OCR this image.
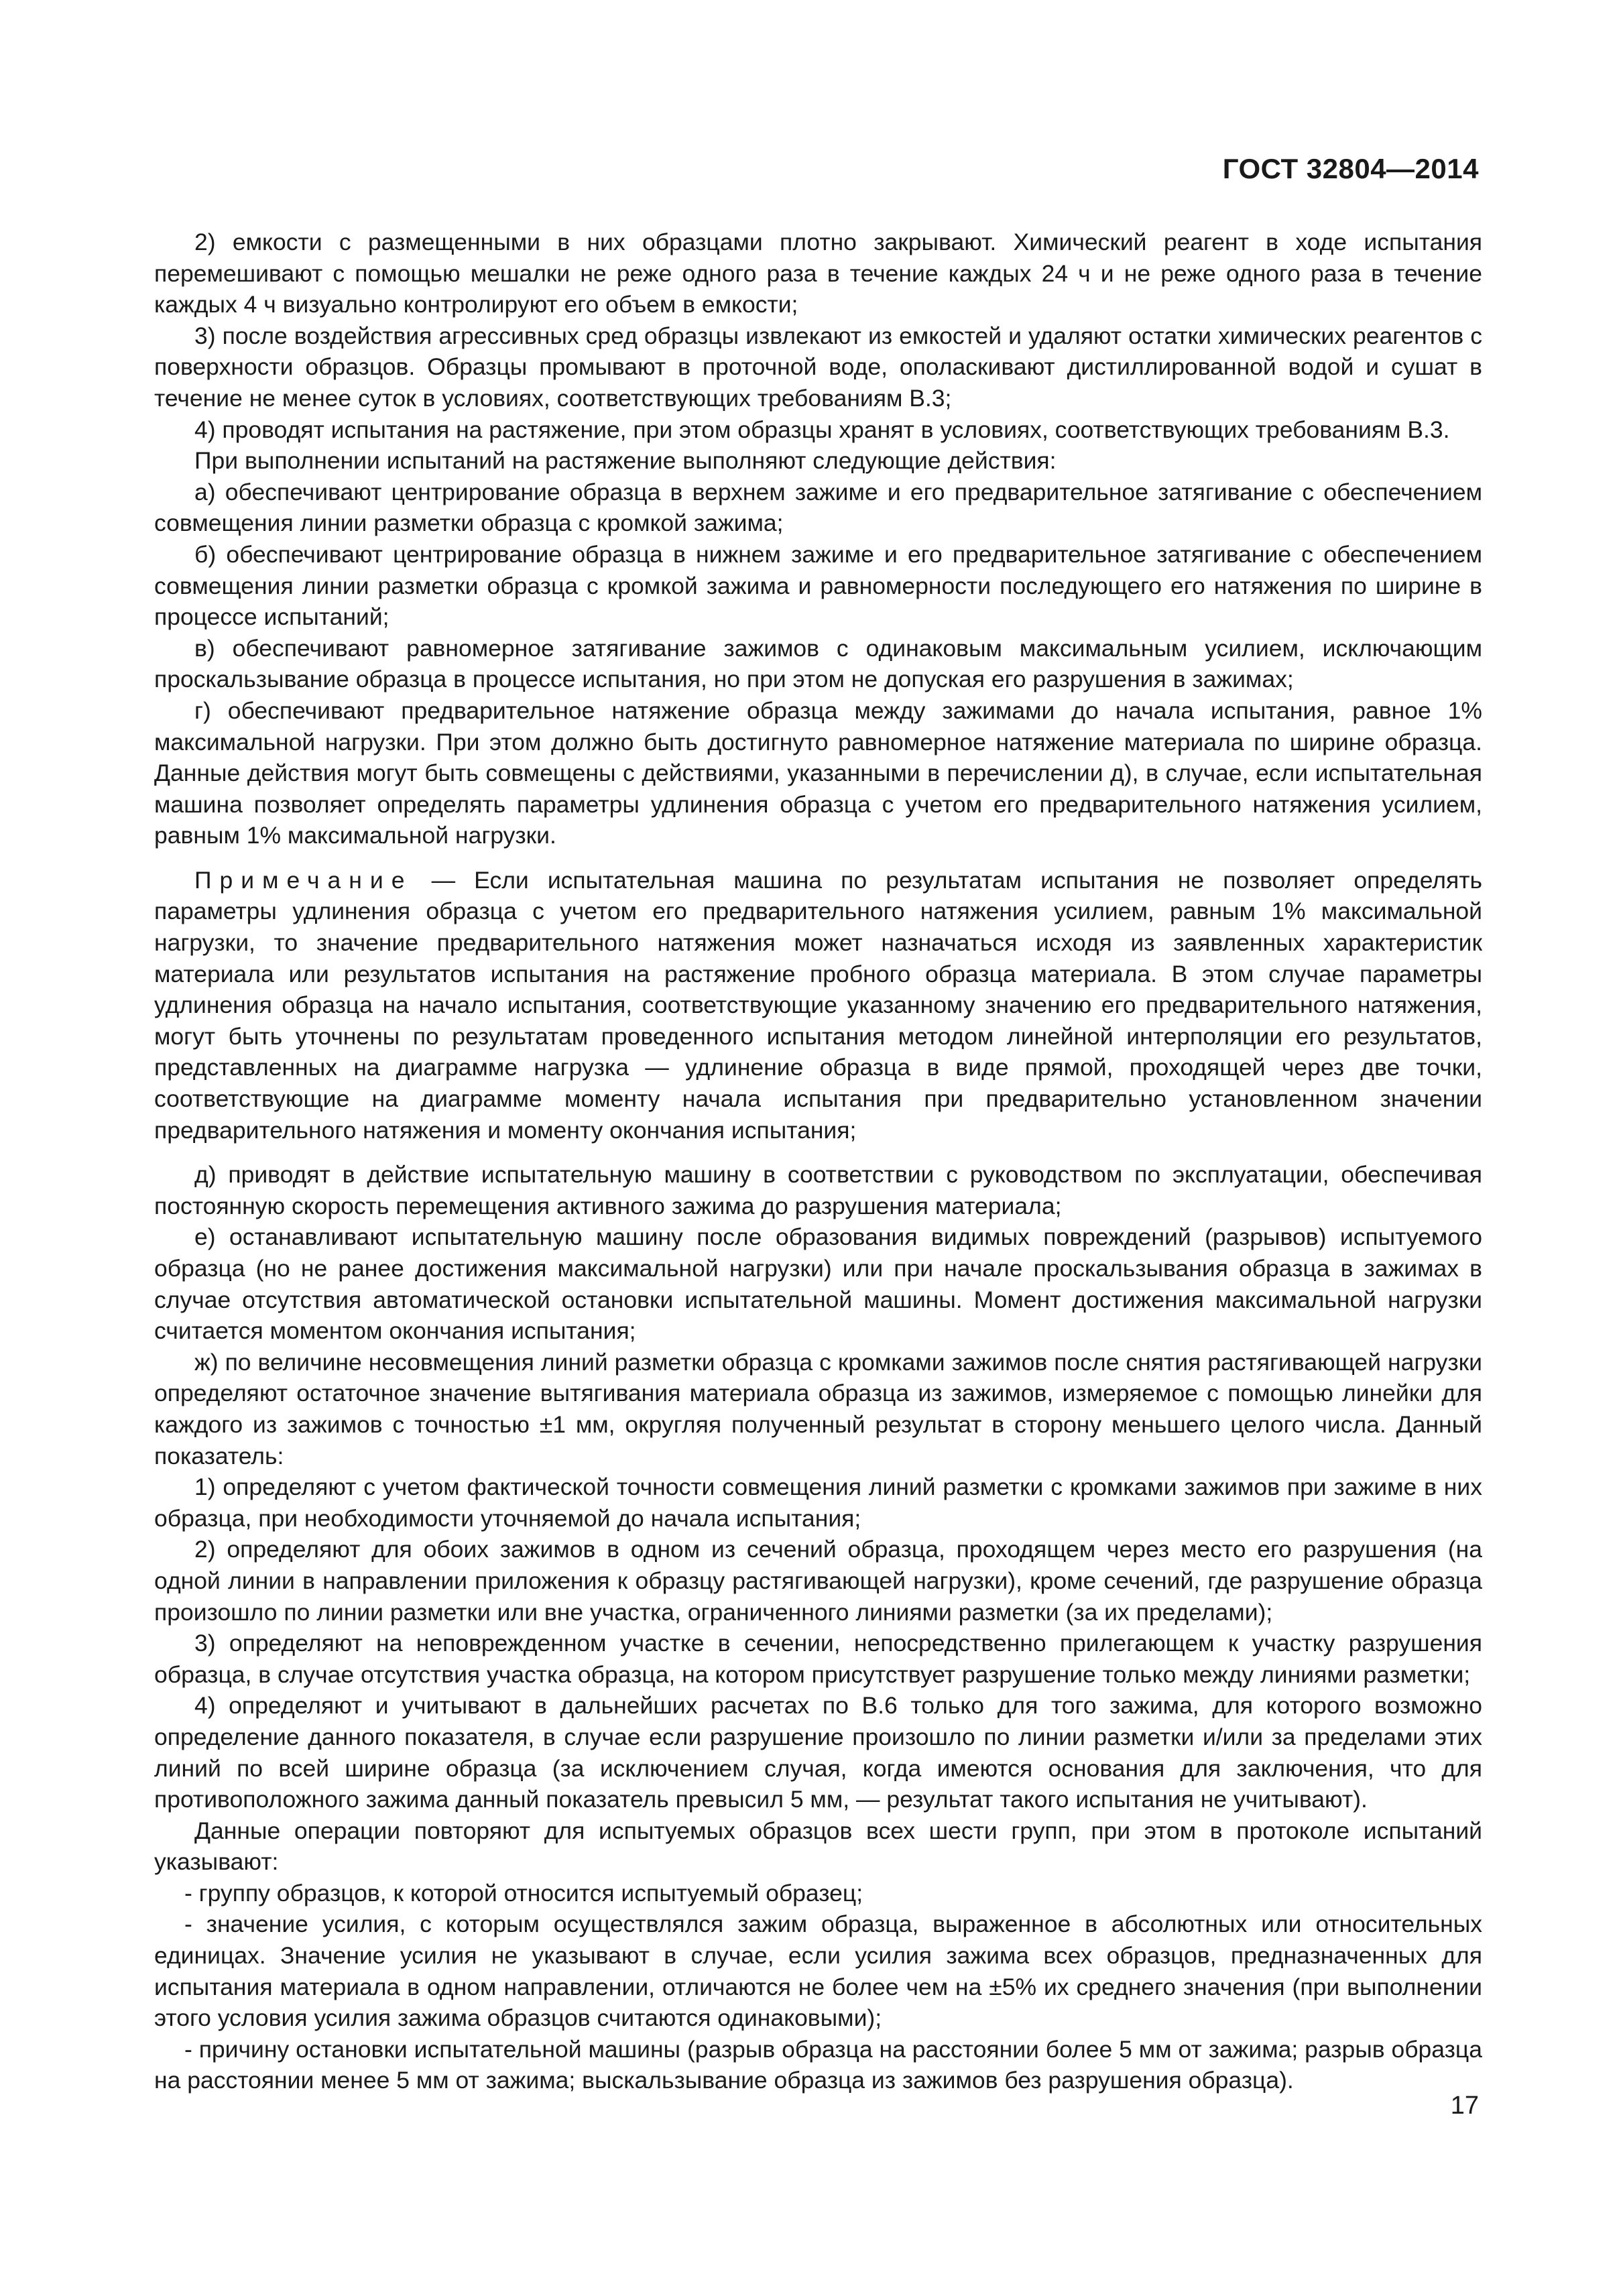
ГОСТ 32804—2014

2) емкости с размещенными в них образцами плотно закрывают. Химический реагент в ходе испытания перемешивают с помощью мешалки не реже одного раза в течение каждых 24 ч и не реже одного раза в течение каждых 4 ч визуально контролируют его объем в емкости;

3) после воздействия агрессивных сред образцы извлекают из емкостей и удаляют остатки химических реагентов с поверхности образцов. Образцы промывают в проточной воде, ополаскивают дистиллированной водой и сушат в течение не менее суток в условиях, соответствующих требованиям В.3;

4) проводят испытания на растяжение, при этом образцы хранят в условиях, соответствующих требованиям В.3.

При выполнении испытаний на растяжение выполняют следующие действия:

а) обеспечивают центрирование образца в верхнем зажиме и его предварительное затягивание с обеспечением совмещения линии разметки образца с кромкой зажима;

б) обеспечивают центрирование образца в нижнем зажиме и его предварительное затягивание с обеспечением совмещения линии разметки образца с кромкой зажима и равномерности последующего его натяжения по ширине в процессе испытаний;

в) обеспечивают равномерное затягивание зажимов с одинаковым максимальным усилием, исключающим проскальзывание образца в процессе испытания, но при этом не допуская его разрушения в зажимах;

г) обеспечивают предварительное натяжение образца между зажимами до начала испытания, равное 1% максимальной нагрузки. При этом должно быть достигнуто равномерное натяжение материала по ширине образца. Данные действия могут быть совмещены с действиями, указанными в перечислении д), в случае, если испытательная машина позволяет определять параметры удлинения образца с учетом его предварительного натяжения усилием, равным 1% максимальной нагрузки.

Примечание — Если испытательная машина по результатам испытания не позволяет определять параметры удлинения образца с учетом его предварительного натяжения усилием, равным 1% максимальной нагрузки, то значение предварительного натяжения может назначаться исходя из заявленных характеристик материала или результатов испытания на растяжение пробного образца материала. В этом случае параметры удлинения образца на начало испытания, соответствующие указанному значению его предварительного натяжения, могут быть уточнены по результатам проведенного испытания методом линейной интерполяции его результатов, представленных на диаграмме нагрузка — удлинение образца в виде прямой, проходящей через две точки, соответствующие на диаграмме моменту начала испытания при предварительно установленном значении предварительного натяжения и моменту окончания испытания;

д) приводят в действие испытательную машину в соответствии с руководством по эксплуатации, обеспечивая постоянную скорость перемещения активного зажима до разрушения материала;

е) останавливают испытательную машину после образования видимых повреждений (разрывов) испытуемого образца (но не ранее достижения максимальной нагрузки) или при начале проскальзывания образца в зажимах в случае отсутствия автоматической остановки испытательной машины. Момент достижения максимальной нагрузки считается моментом окончания испытания;

ж) по величине несовмещения линий разметки образца с кромками зажимов после снятия растягивающей нагрузки определяют остаточное значение вытягивания материала образца из зажимов, измеряемое с помощью линейки для каждого из зажимов с точностью ±1 мм, округляя полученный результат в сторону меньшего целого числа. Данный показатель:

1) определяют с учетом фактической точности совмещения линий разметки с кромками зажимов при зажиме в них образца, при необходимости уточняемой до начала испытания;

2) определяют для обоих зажимов в одном из сечений образца, проходящем через место его разрушения (на одной линии в направлении приложения к образцу растягивающей нагрузки), кроме сечений, где разрушение образца произошло по линии разметки или вне участка, ограниченного линиями разметки (за их пределами);

3) определяют на неповрежденном участке в сечении, непосредственно прилегающем к участку разрушения образца, в случае отсутствия участка образца, на котором присутствует разрушение только между линиями разметки;

4) определяют и учитывают в дальнейших расчетах по В.6 только для того зажима, для которого возможно определение данного показателя, в случае если разрушение произошло по линии разметки и/или за пределами этих линий по всей ширине образца (за исключением случая, когда имеются основания для заключения, что для противоположного зажима данный показатель превысил 5 мм, — результат такого испытания не учитывают).

Данные операции повторяют для испытуемых образцов всех шести групп, при этом в протоколе испытаний указывают:

- группу образцов, к которой относится испытуемый образец;

- значение усилия, с которым осуществлялся зажим образца, выраженное в абсолютных или относительных единицах. Значение усилия не указывают в случае, если усилия зажима всех образцов, предназначенных для испытания материала в одном направлении, отличаются не более чем на ±5% их среднего значения (при выполнении этого условия усилия зажима образцов считаются одинаковыми);

- причину остановки испытательной машины (разрыв образца на расстоянии более 5 мм от зажима; разрыв образца на расстоянии менее 5 мм от зажима; выскальзывание образца из зажимов без разрушения образца).

17
